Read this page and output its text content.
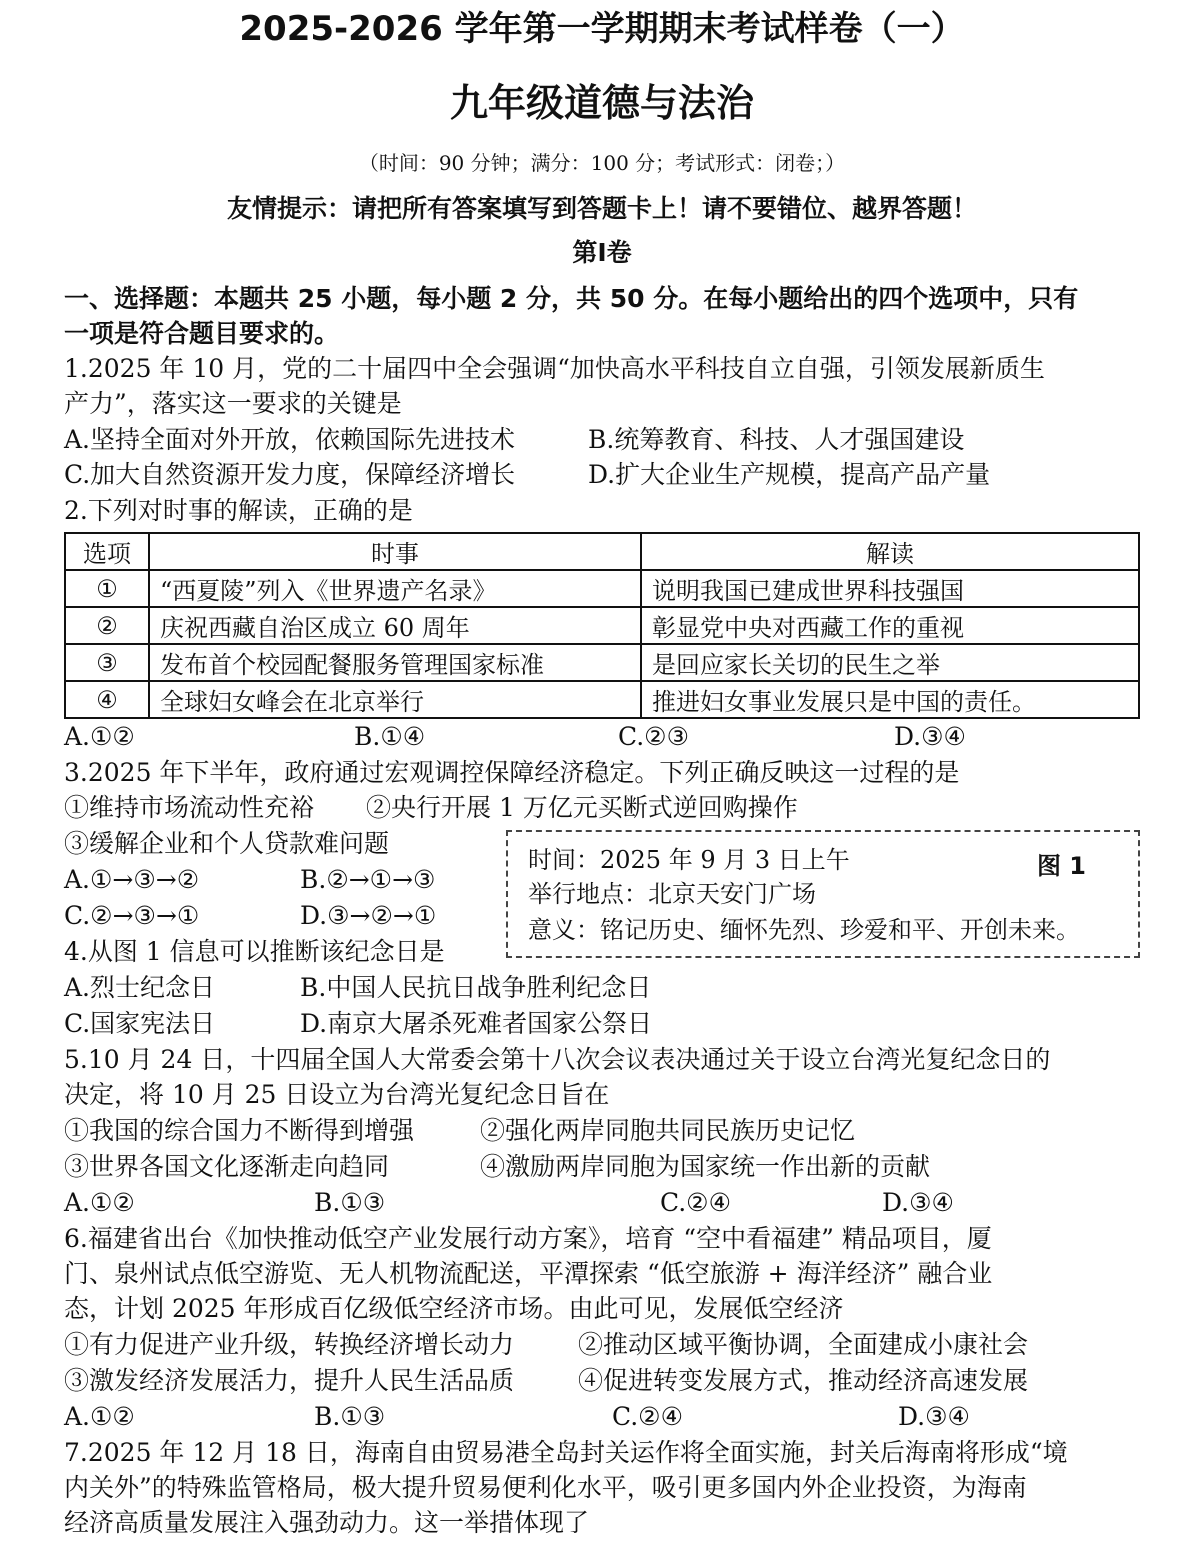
2025-2026 学年第一学期期末考试样卷（一）
九年级道德与法治
（时间：90 分钟；满分：100 分；考试形式：闭卷；）
友情提示：请把所有答案填写到答题卡上！请不要错位、越界答题！
第Ⅰ卷
一、选择题：本题共 25 小题，每小题 2 分，共 50 分。在每小题给出的四个选项中，只有
一项是符合题目要求的。
1.2025 年 10 月，党的二十届四中全会强调“加快高水平科技自立自强，引领发展新质生
产力”，落实这一要求的关键是
A.坚持全面对外开放，依赖国际先进技术	B.统筹教育、科技、人才强国建设
C.加大自然资源开发力度，保障经济增长	D.扩大企业生产规模，提高产品产量
2.下列对时事的解读，正确的是
选项	时事	解读
①	“西夏陵”列入《世界遗产名录》	说明我国已建成世界科技强国
②	庆祝西藏自治区成立 60 周年	彰显党中央对西藏工作的重视
③	发布首个校园配餐服务管理国家标准	是回应家长关切的民生之举
④	全球妇女峰会在北京举行	推进妇女事业发展只是中国的责任。
A.①②	B.①④	C.②③	D.③④
3.2025 年下半年，政府通过宏观调控保障经济稳定。下列正确反映这一过程的是
①维持市场流动性充裕 ②央行开展 1 万亿元买断式逆回购操作
③缓解企业和个人贷款难问题
A.①→③→②	B.②→①→③
C.②→③→①	D.③→②→①
图 1
时间：2025 年 9 月 3 日上午
举行地点：北京天安门广场
意义：铭记历史、缅怀先烈、珍爱和平、开创未来。
4.从图 1 信息可以推断该纪念日是
A.烈士纪念日	B.中国人民抗日战争胜利纪念日
C.国家宪法日	D.南京大屠杀死难者国家公祭日
5.10 月 24 日，十四届全国人大常委会第十八次会议表决通过关于设立台湾光复纪念日的
决定，将 10 月 25 日设立为台湾光复纪念日旨在
①我国的综合国力不断得到增强	②强化两岸同胞共同民族历史记忆
③世界各国文化逐渐走向趋同	④激励两岸同胞为国家统一作出新的贡献
A.①②	B.①③	C.②④	D.③④
6.福建省出台《加快推动低空产业发展行动方案》，培育 “空中看福建” 精品项目，厦
门、泉州试点低空游览、无人机物流配送，平潭探索 “低空旅游 + 海洋经济” 融合业
态，计划 2025 年形成百亿级低空经济市场。由此可见，发展低空经济
①有力促进产业升级，转换经济增长动力	②推动区域平衡协调，全面建成小康社会
③激发经济发展活力，提升人民生活品质	④促进转变发展方式，推动经济高速发展
A.①②	B.①③	C.②④	D.③④
7.2025 年 12 月 18 日，海南自由贸易港全岛封关运作将全面实施，封关后海南将形成“境
内关外”的特殊监管格局，极大提升贸易便利化水平，吸引更多国内外企业投资，为海南
经济高质量发展注入强劲动力。这一举措体现了
